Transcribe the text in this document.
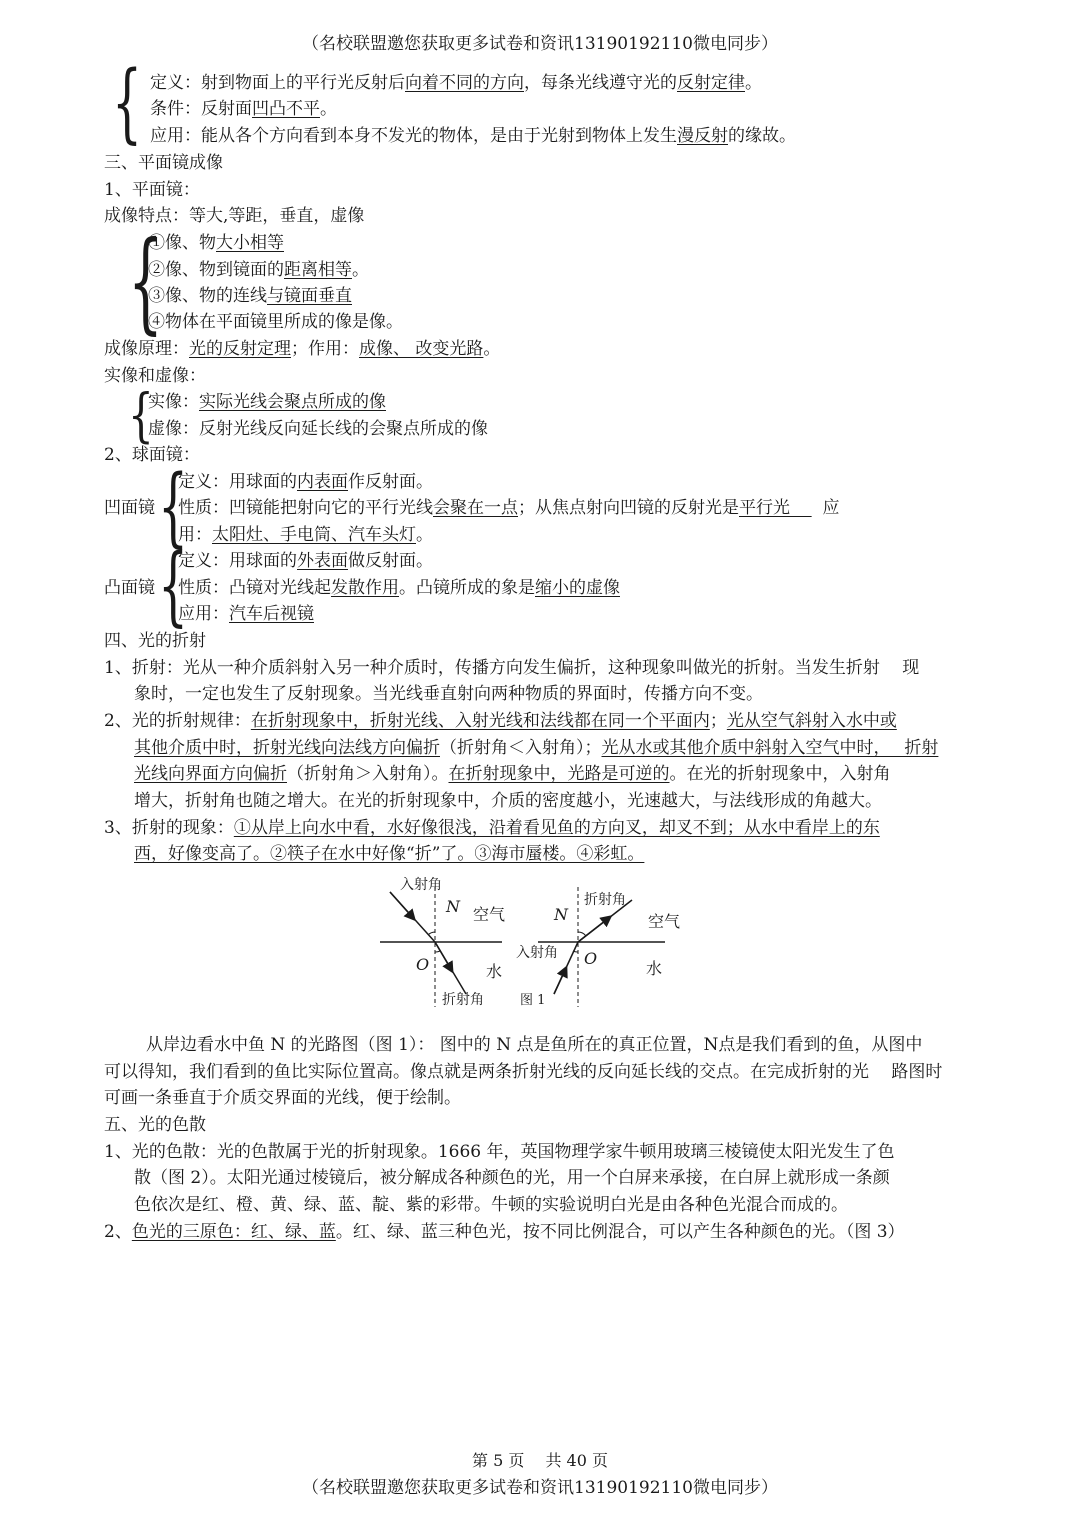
（名校联盟邀您获取更多试卷和资讯13190192110微电同步）
{ 定义：射到物面上的平行光反射后向着不同的方向，每条光线遵守光的反射定律。
条件：反射面凹凸不平。
应用：能从各个方向看到本身不发光的物体，是由于光射到物体上发生漫反射的缘故。
三、平面镜成像
1、平面镜：
成像特点：等大,等距，垂直，虚像
{
①像、物大小相等
②像、物到镜面的距离相等。
③像、物的连线与镜面垂直
④物体在平面镜里所成的像是像。
成像原理：光的反射定理；作用：成像、 改变光路。
实像和虚像：
{
实像：实际光线会聚点所成的像
虚像：反射光线反向延长线的会聚点所成的像
2、球面镜：
凹面镜 {
定义：用球面的内表面作反射面。
性质：凹镜能把射向它的平行光线会聚在一点；从焦点射向凹镜的反射光是平行光 应
用：太阳灶、手电筒、汽车头灯。
凸面镜 {
定义：用球面的外表面做反射面。
性质：凸镜对光线起发散作用。凸镜所成的象是缩小的虚像
应用：汽车后视镜
四、光的折射
1、折射：光从一种介质斜射入另一种介质时，传播方向发生偏折，这种现象叫做光的折射。当发生折射　 现
象时，一定也发生了反射现象。当光线垂直射向两种物质的界面时，传播方向不变。
2、光的折射规律：在折射现象中，折射光线、入射光线和法线都在同一个平面内；光从空气斜射入水中或
其他介质中时，折射光线向法线方向偏折（折射角＜入射角）；光从水或其他介质中斜射入空气中时，　 折射
光线向界面方向偏折（折射角＞入射角）。在折射现象中，光路是可逆的。在光的折射现象中，入射角
增大，折射角也随之增大。在光的折射现象中，介质的密度越小，光速越大，与法线形成的角越大。
3、折射的现象：①从岸上向水中看，水好像很浅，沿着看见鱼的方向叉，却叉不到；从水中看岸上的东
西，好像变高了。②筷子在水中好像“折”了。③海市蜃楼。④彩虹。
入射角
N 空气
O	水
折射角
N
折射角
空气
入射角 O
水
图 1
从岸边看水中鱼 N 的光路图（图 1）： 图中的 N 点是鱼所在的真正位置，N点是我们看到的鱼，从图中
可以得知，我们看到的鱼比实际位置高。像点就是两条折射光线的反向延长线的交点。在完成折射的光　 路图时
可画一条垂直于介质交界面的光线，便于绘制。
五、光的色散
1、光的色散：光的色散属于光的折射现象。1666 年，英国物理学家牛顿用玻璃三棱镜使太阳光发生了色
散（图 2）。太阳光通过棱镜后，被分解成各种颜色的光，用一个白屏来承接，在白屏上就形成一条颜
色依次是红、橙、黄、绿、蓝、靛、紫的彩带。牛顿的实验说明白光是由各种色光混合而成的。
2、色光的三原色：红、绿、蓝。红、绿、蓝三种色光，按不同比例混合，可以产生各种颜色的光。（图 3）
第 5 页　 共 40 页
（名校联盟邀您获取更多试卷和资讯13190192110微电同步）
